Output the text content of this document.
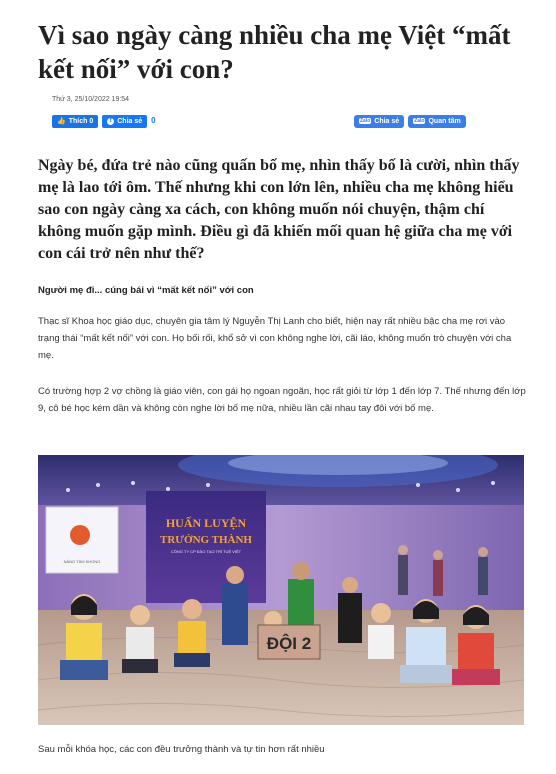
Vì sao ngày càng nhiều cha mẹ Việt “mất kết nối” với con?
Thứ 3, 25/10/2022 19:54
👍 Thích 0	f Chia sẻ 0	Zalo Chia sẻ	Zalo Quan tâm

Ngày bé, đứa trẻ nào cũng quấn bố mẹ, nhìn thấy bố là cười, nhìn thấy mẹ là lao tới ôm. Thế nhưng khi con lớn lên, nhiều cha mẹ không hiểu sao con ngày càng xa cách, con không muốn nói chuyện, thậm chí không muốn gặp mình. Điều gì đã khiến mối quan hệ giữa cha mẹ với con cái trở nên như thế?

Người mẹ đi... cúng bái vì “mất kết nối” với con

Thạc sĩ Khoa học giáo dục, chuyên gia tâm lý Nguyễn Thị Lanh cho biết, hiện nay rất nhiều bậc cha mẹ rơi vào trạng thái “mất kết nối” với con. Họ bối rối, khổ sở vì con không nghe lời, cãi láo, không muốn trò chuyện với cha mẹ.

Có trường hợp 2 vợ chồng là giáo viên, con gái họ ngoan ngoãn, học rất giỏi từ lớp 1 đến lớp 7. Thế nhưng đến lớp 9, cô bé học kém dần và không còn nghe lời bố mẹ nữa, nhiều lần cãi nhau tay đôi với bố mẹ.

NÀNG TÂM KHỔNG
HUẤN LUYỆN
TRƯỞNG THÀNH
CÔNG TY CP ĐÀO TẠO TRÍ TUỆ VIỆT
ĐỘI 2

Sau mỗi khóa học, các con đều trưởng thành và tự tin hơn rất nhiều
